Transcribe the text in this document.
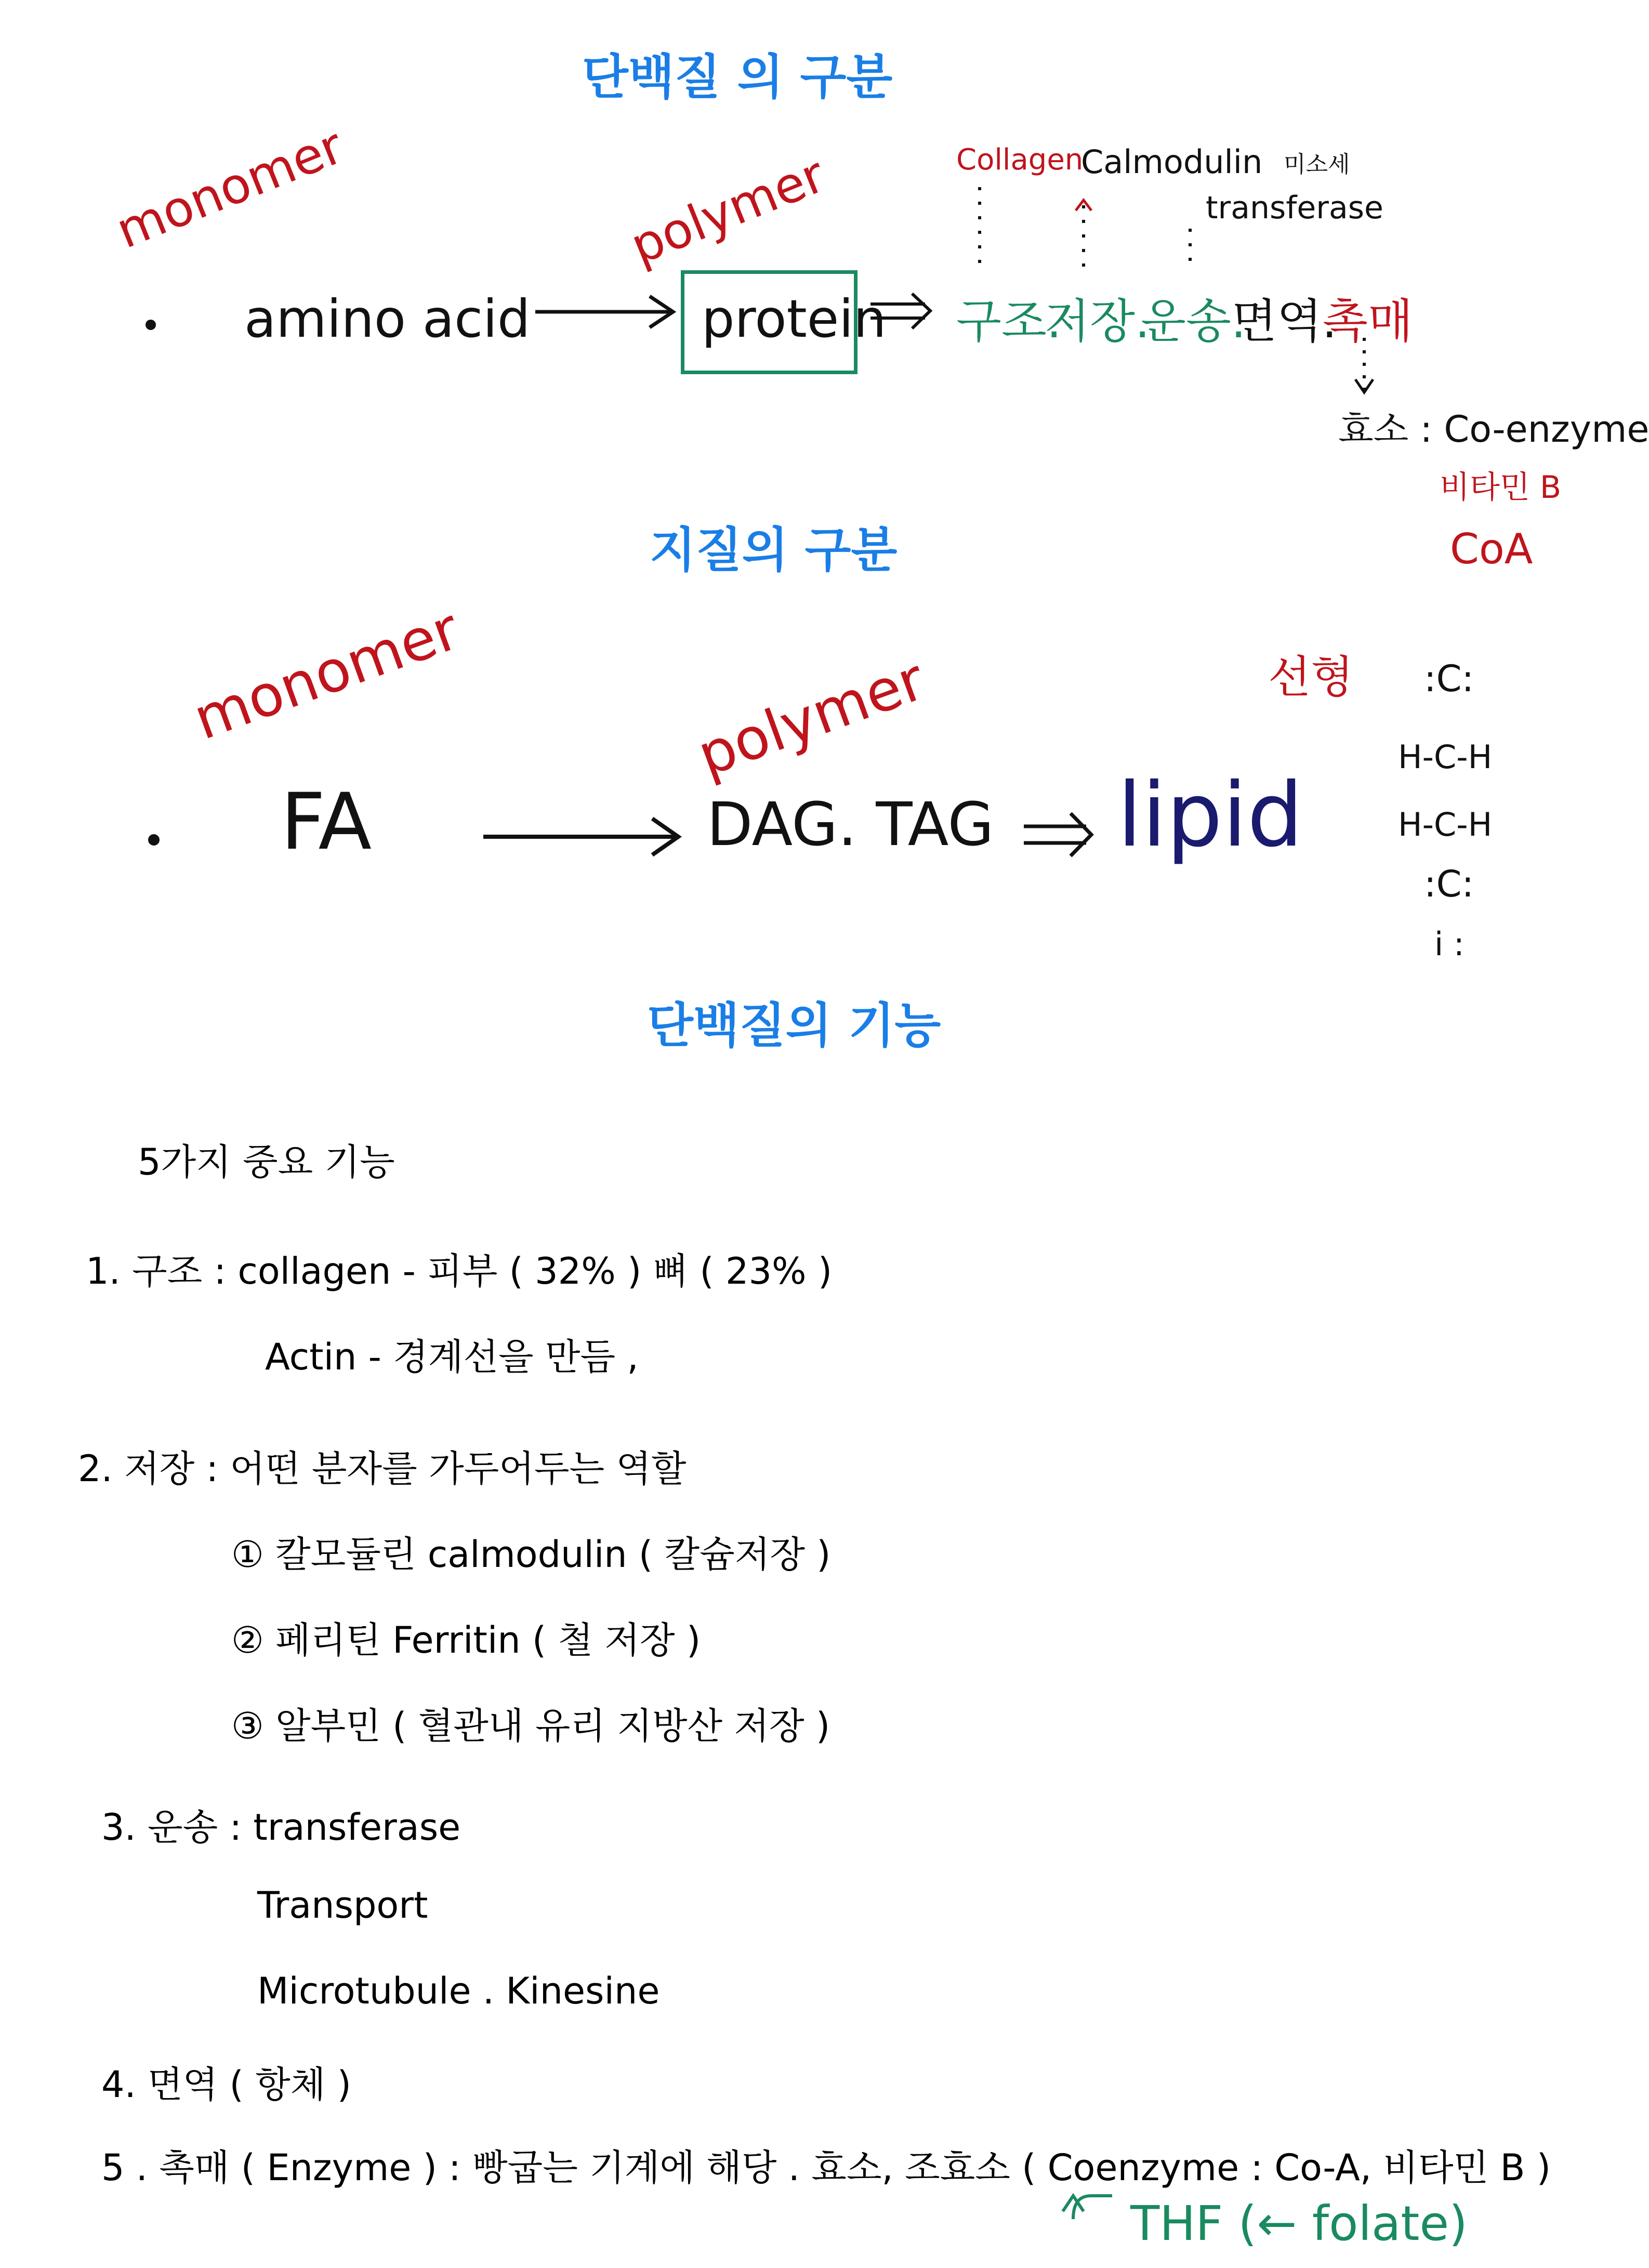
단백질 의 구분
지질의 구분
단백질의 기능
monomer
amino acid
polymer
protein 구조.
저장.
운송.
면역.
촉매
Collagen
Calmodulin 미소세
transferase
효소 : Co-enzyme
비타민 B
CoA
monomer
FA
polymer
DAG. TAG lipid
선형 :C:
H-C-H
H-C-H
:C:
i :
5가지 중요 기능
1. 구조 : collagen - 피부 ( 32% ) 뼈 ( 23% )
Actin - 경계선을 만듬 ,
2. 저장 : 어떤 분자를 가두어두는 역할
① 칼모듈린 calmodulin ( 칼슘저장 )
② 페리틴 Ferritin ( 철 저장 )
③ 알부민 ( 혈관내 유리 지방산 저장 )
3. 운송 : transferase
Transport
Microtubule . Kinesine
4. 면역 ( 항체 )
5 . 촉매 ( Enzyme ) : 빵굽는 기계에 해당 . 효소, 조효소 ( Coenzyme : Co-A, 비타민 B )
THF (← folate)
